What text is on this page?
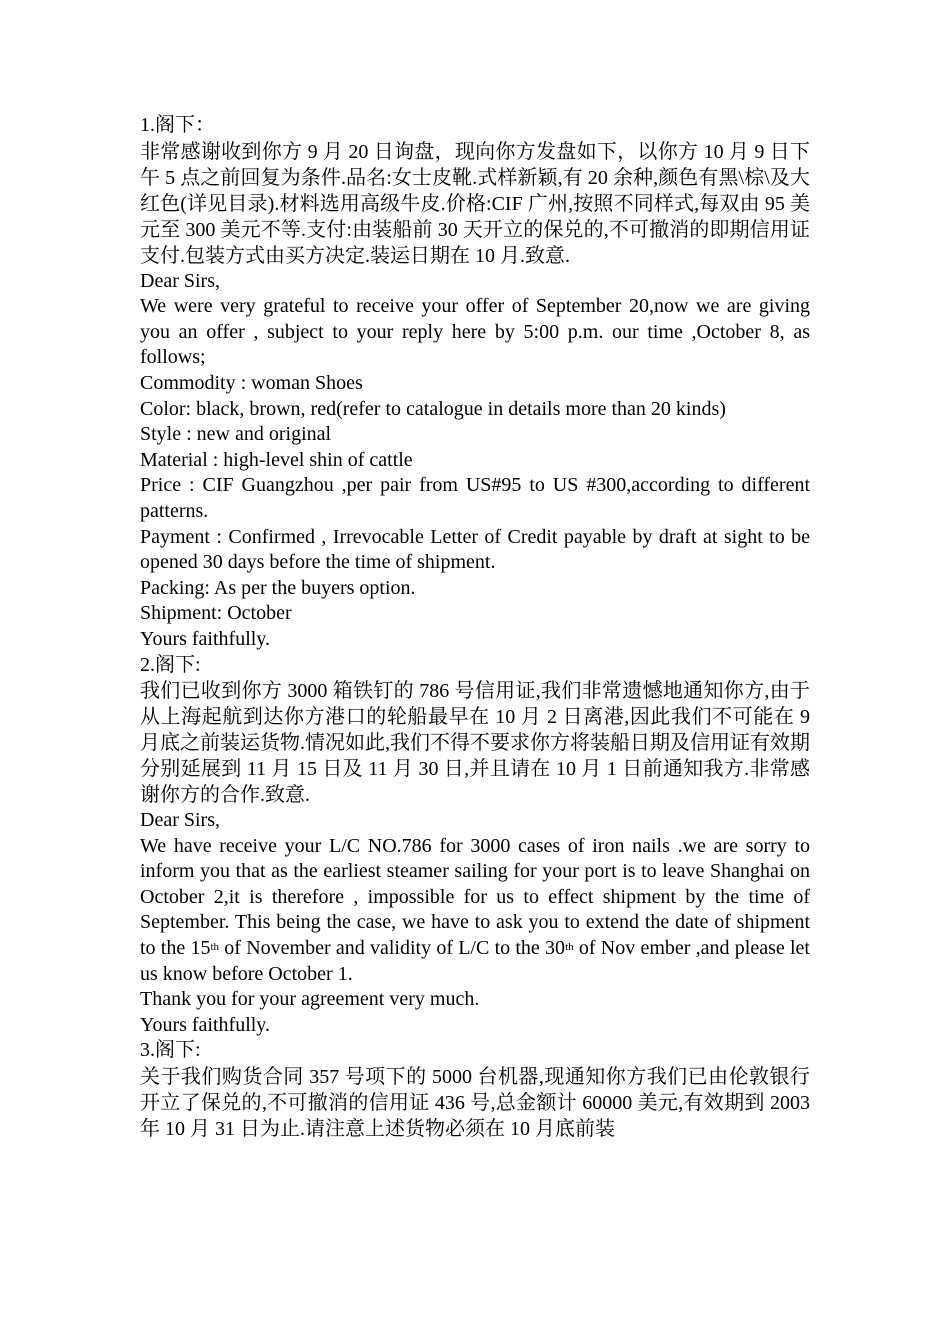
1.阁下：

非常感谢收到你方 9 月 20 日询盘，现向你方发盘如下，以你方 10 月 9 日下午 5 点之前回复为条件.品名:女士皮靴.式样新颖,有 20 余种,颜色有黑\棕\及大红色(详见目录).材料选用高级牛皮.价格:CIF 广州,按照不同样式,每双由 95 美元至 300 美元不等.支付:由装船前 30 天开立的保兑的,不可撤消的即期信用证支付.包装方式由买方决定.装运日期在 10 月.致意.

Dear Sirs,

We were very grateful to receive your offer of September 20,now we are giving you an offer , subject to your reply here by 5:00 p.m. our time ,October 8, as follows;

Commodity : woman Shoes

Color: black, brown, red(refer to catalogue in details more than 20 kinds)

Style : new and original

Material : high-level shin of cattle

Price : CIF Guangzhou ,per pair from US#95 to US #300,according to different patterns.

Payment : Confirmed , Irrevocable Letter of Credit payable by draft at sight to be opened 30 days before the time of shipment.

Packing: As per the buyers option.

Shipment: October

Yours faithfully.

2.阁下:

我们已收到你方 3000 箱铁钉的 786 号信用证,我们非常遗憾地通知你方,由于从上海起航到达你方港口的轮船最早在 10 月 2 日离港,因此我们不可能在 9 月底之前装运货物.情况如此,我们不得不要求你方将装船日期及信用证有效期分别延展到 11 月 15 日及 11 月 30 日,并且请在 10 月 1 日前通知我方.非常感谢你方的合作.致意.

Dear Sirs,

We have receive your L/C NO.786 for 3000 cases of iron nails .we are sorry to inform you that as the earliest steamer sailing for your port is to leave Shanghai on October 2,it is therefore , impossible for us to effect shipment by the time of September. This being the case, we have to ask you to extend the date of shipment to the 15th of November and validity of L/C to the 30th of Nov ember ,and please let us know before October 1.

Thank you for your agreement very much.

Yours faithfully.

3.阁下:

关于我们购货合同 357 号项下的 5000 台机器,现通知你方我们已由伦敦银行开立了保兑的,不可撤消的信用证 436 号,总金额计 60000 美元,有效期到 2003 年 10 月 31 日为止.请注意上述货物必须在 10 月底前装
